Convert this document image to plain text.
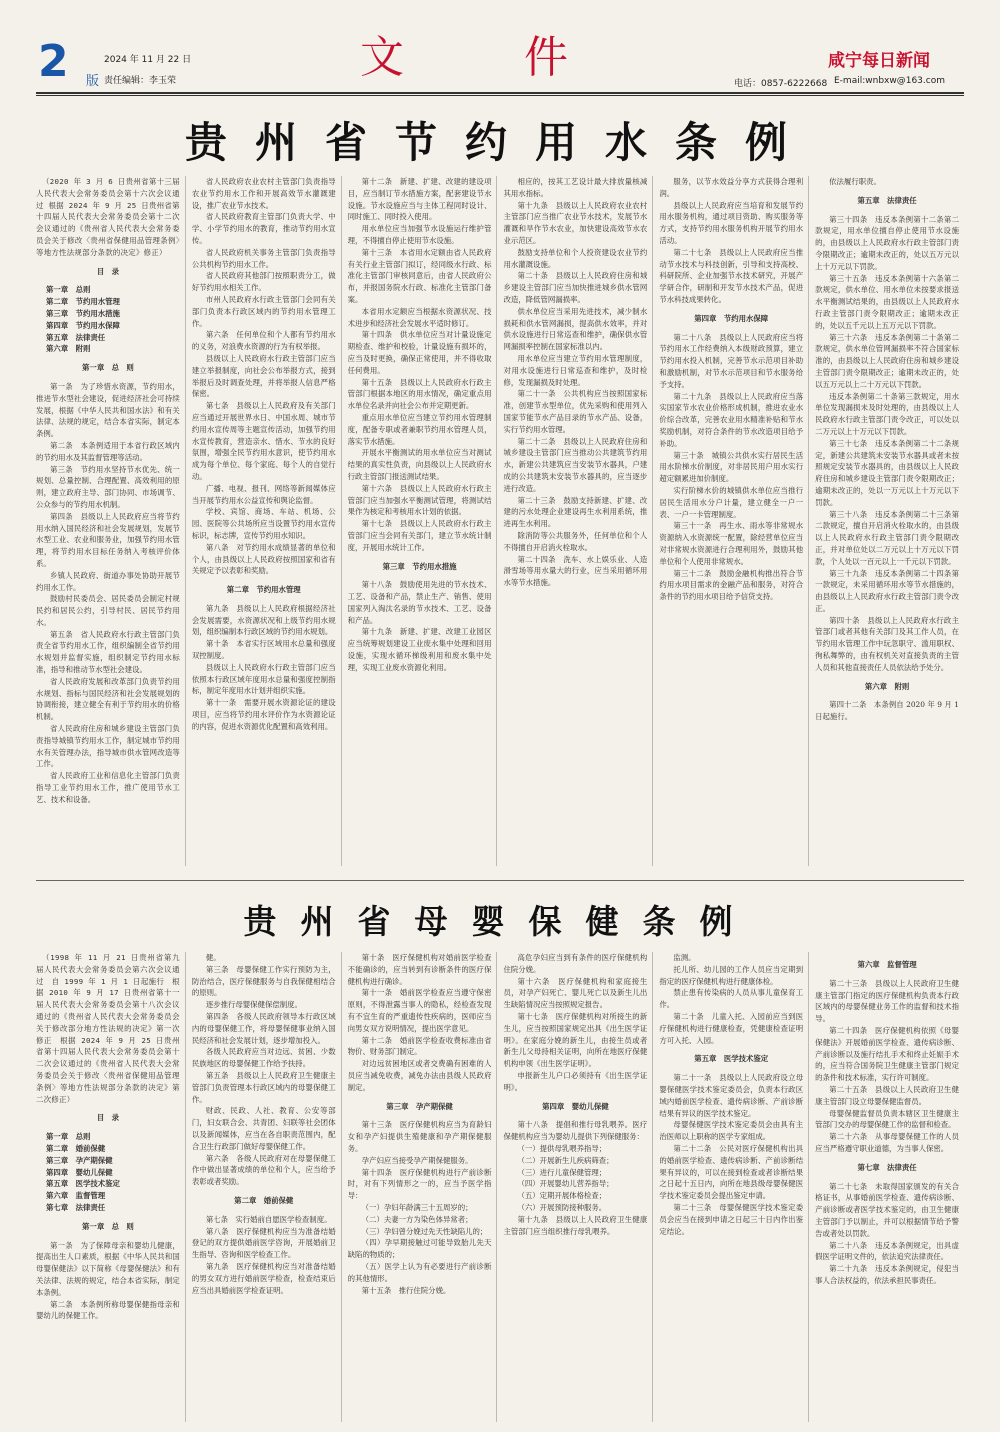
2 版
2024 年 11 月 22 日
责任编辑：李玉荣	文件	咸宁每日新闻
电话：0857-6222668 E-mail:wnbxw@163.com
贵州省节约用水条例

（2020 年 3 月 6 日贵州省第十三届人民代表大会常务委员会第十六次会议通过 根据 2024 年 9 月 25 日贵州省第十四届人民代表大会常务委员会第十二次会议通过的《贵州省人民代表大会常务委员会关于修改〈贵州省保健用品管理条例〉等地方性法规部分条款的决定》修正）

目　录

第一章　总则

第二章　节约用水管理

第三章　节约用水措施

第四章　节约用水保障

第五章　法律责任

第六章　附则

第一章　总　则

第一条　为了珍惜水资源，节约用水，推进节水型社会建设，促进经济社会可持续发展，根据《中华人民共和国水法》和有关法律、法规的规定，结合本省实际，制定本条例。

第二条　本条例适用于本省行政区域内的节约用水及其监督管理等活动。

第三条　节约用水坚持节水优先、统一规划、总量控制、合理配置、高效利用的原则，建立政府主导、部门协同、市场调节、公众参与的节约用水机制。

第四条　县级以上人民政府应当将节约用水纳入国民经济和社会发展规划，发展节水型工业、农业和服务业，加强节约用水管理，将节约用水目标任务纳入考核评价体系。

乡镇人民政府、街道办事处协助开展节约用水工作。

鼓励村民委员会、居民委员会制定村规民约和居民公约，引导村民、居民节约用水。

第五条　省人民政府水行政主管部门负责全省节约用水工作，组织编制全省节约用水规划并监督实施，组织制定节约用水标准，指导和推动节水型社会建设。

省人民政府发展和改革部门负责节约用水规划、指标与国民经济和社会发展规划的协调衔接，建立健全有利于节约用水的价格机制。

省人民政府住房和城乡建设主管部门负责指导城镇节约用水工作，制定城市节约用水有关管理办法，指导城市供水管网改造等工作。

省人民政府工业和信息化主管部门负责指导工业节约用水工作，推广使用节水工艺、技术和设备。

省人民政府农业农村主管部门负责指导农业节约用水工作和开展高效节水灌溉建设，推广农业节水技术。

省人民政府教育主管部门负责大学、中学、小学节约用水的教育，推动节约用水宣传。

省人民政府机关事务主管部门负责指导公共机构节约用水工作。

省人民政府其他部门按照职责分工，做好节约用水相关工作。

市州人民政府水行政主管部门会同有关部门负责本行政区域内的节约用水管理工作。

第六条　任何单位和个人都有节约用水的义务，对浪费水资源的行为有权举报。

县级以上人民政府水行政主管部门应当建立举报制度，向社会公布举报方式，接到举报后及时调查处理，并将举报人信息严格保密。

第七条　县级以上人民政府及有关部门应当通过开展世界水日、中国水周、城市节约用水宣传周等主题宣传活动，加强节约用水宣传教育，营造亲水、惜水、节水的良好氛围，增强全民节约用水意识，使节约用水成为每个单位、每个家庭、每个人的自觉行动。

广播、电视、报刊、网络等新闻媒体应当开展节约用水公益宣传和舆论监督。

学校、宾馆、商场、车站、机场、公园、医院等公共场所应当设置节约用水宣传标识，标志牌，宣传节约用水知识。

第八条　对节约用水成绩显著的单位和个人，由县级以上人民政府按照国家和省有关规定予以表彰和奖励。

第二章　节约用水管理

第九条　县级以上人民政府根据经济社会发展需要，水资源状况和上级节约用水规划，组织编制本行政区域的节约用水规划。

第十条　本省实行区域用水总量和强度双控制度。

县级以上人民政府水行政主管部门应当依照本行政区域年度用水总量和强度控制指标，制定年度用水计划并组织实施。

第十一条　需要开展水资源论证的建设项目，应当将节约用水评价作为水资源论证的内容，促进水资源优化配置和高效利用。

第十二条　新建、扩建、改建的建设项目，应当制订节水措施方案，配套建设节水设施。节水设施应当与主体工程同时设计、同时施工、同时投入使用。

用水单位应当加强节水设施运行维护管理，不得擅自停止使用节水设施。

第十三条　本省用水定额由省人民政府有关行业主管部门拟订，经同级水行政、标准化主管部门审核同意后，由省人民政府公布，并报国务院水行政、标准化主管部门备案。

本省用水定额应当根据水资源状况、技术进步和经济社会发展水平适时修订。

第十四条　供水单位应当对计量设施定期检查、维护和校验，计量设施有损坏的，应当及时更换，确保正常使用，并不得收取任何费用。

第十五条　县级以上人民政府水行政主管部门根据本地区的用水情况，确定重点用水单位名录并向社会公布并定期更新。

重点用水单位应当建立节约用水管理制度，配备专职或者兼职节约用水管理人员，落实节水措施。

开展水平衡测试的用水单位应当对测试结果的真实性负责，向县级以上人民政府水行政主管部门报送测试结果。

第十六条　县级以上人民政府水行政主管部门应当加强水平衡测试管理，将测试结果作为核定和考核用水计划的依据。

第十七条　县级以上人民政府水行政主管部门应当会同有关部门，建立节水统计制度，开展用水统计工作。

第三章　节约用水措施

第十八条　鼓励使用先进的节水技术、工艺、设备和产品，禁止生产、销售、使用国家列入淘汰名录的节水技术、工艺、设备和产品。

第十九条　新建、扩建、改建工业园区应当统筹规划建设工业废水集中处理和回用设施，实现水循环梯级利用和废水集中处理，实现工业废水资源化利用。

相应的，按其工艺设计最大排放量核减其用水指标。

第十九条　县级以上人民政府农业农村主管部门应当推广农业节水技术，发展节水灌溉和旱作节水农业，加快建设高效节水农业示范区。

鼓励支持单位和个人投资建设农业节约用水灌溉设施。

第二十条　县级以上人民政府住房和城乡建设主管部门应当加快推进城乡供水管网改造，降低管网漏损率。

供水单位应当采用先进技术，减少制水损耗和供水管网漏损，提高供水效率，并对供水设施进行日常巡查和维护，确保供水管网漏损率控制在国家标准以内。

用水单位应当建立节约用水管理制度，对用水设施进行日常巡查和维护，及时检修，发现漏损及时处理。

第二十一条　公共机构应当按照国家标准，创建节水型单位，优先采购和使用列入国家节能节水产品目录的节水产品、设备，实行节约用水管理。

第二十二条　县级以上人民政府住房和城乡建设主管部门应当推动公共建筑节约用水，新建公共建筑应当安装节水器具，户建成的公共建筑未安装节水器具的，应当逐步进行改造。

第二十三条　鼓励支持新建、扩建、改建的污水处理企业建设再生水利用系统，推进再生水利用。

除消防等公共服务外，任何单位和个人不得擅自开启消火栓取水。

第二十四条　洗车、水上娱乐业、人造滑雪场等用水量大的行业，应当采用循环用水等节水措施。

服务，以节水效益分享方式获得合理利润。

县级以上人民政府应当培育和发展节约用水服务机构，通过项目资助、购买服务等方式，支持节约用水服务机构开展节约用水活动。

第二十七条　县级以上人民政府应当推动节水技术与科技创新，引导和支持高校、科研院所、企业加强节水技术研究，开展产学研合作，研制和开发节水技术产品，促进节水科技成果转化。

第四章　节约用水保障

第二十八条　县级以上人民政府应当将节约用水工作经费纳入本级财政预算，建立节约用水投入机制，完善节水示范项目补助和激励机制，对节水示范项目和节水服务给予支持。

第二十九条　县级以上人民政府应当落实国家节水农业价格形成机制，推进农业水价综合改革，完善农业用水精准补贴和节水奖励机制，对符合条件的节水改造项目给予补助。

第三十条　城镇公共供水实行居民生活用水阶梯水价制度，对非居民用户用水实行超定额累进加价制度。

实行阶梯水价的城镇供水单位应当推行居民生活用水分户计量，建立健全一户一表、一户一卡管理制度。

第三十一条　再生水、雨水等非常规水资源纳入水资源统一配置，除经营单位应当对非常规水资源进行合理利用外，鼓励其他单位和个人使用非常规水。

第三十二条　鼓励金融机构推出符合节约用水项目需求的金融产品和服务，对符合条件的节约用水项目给予信贷支持。

依法履行职责。

第五章　法律责任

第三十四条　违反本条例第十二条第二款规定，用水单位擅自停止使用节水设施的，由县级以上人民政府水行政主管部门责令限期改正；逾期未改正的，处以五万元以上十万元以下罚款。

第三十五条　违反本条例第十六条第二款规定，供水单位、用水单位未按要求报送水平衡测试结果的，由县级以上人民政府水行政主管部门责令限期改正；逾期未改正的，处以五千元以上五万元以下罚款。

第三十六条　违反本条例第二十条第二款规定，供水单位管网漏损率不符合国家标准的，由县级以上人民政府住房和城乡建设主管部门责令限期改正；逾期未改正的，处以五万元以上二十万元以下罚款。

违反本条例第二十条第三款规定，用水单位发现漏损未及时处理的，由县级以上人民政府水行政主管部门责令改正，可以处以二万元以上十万元以下罚款。

第三十七条　违反本条例第二十二条规定，新建公共建筑未安装节水器具或者未按照规定安装节水器具的，由县级以上人民政府住房和城乡建设主管部门责令限期改正；逾期未改正的，处以一万元以上十万元以下罚款。

第三十八条　违反本条例第二十三条第二款规定，擅自开启消火栓取水的，由县级以上人民政府水行政主管部门责令限期改正，并对单位处以二万元以上十万元以下罚款，个人处以一百元以上一千元以下罚款。

第三十九条　违反本条例第二十四条第一款规定，未采用循环用水等节水措施的，由县级以上人民政府水行政主管部门责令改正。

第四十条　县级以上人民政府水行政主管部门或者其他有关部门及其工作人员，在节约用水管理工作中玩忽职守、滥用职权、徇私舞弊的，由有权机关对直接负责的主管人员和其他直接责任人员依法给予处分。

第六章　附则

第四十二条　本条例自 2020 年 9 月 1 日起施行。

贵州省母婴保健条例

（1998 年 11 月 21 日贵州省第九届人民代表大会常务委员会第六次会议通过　自 1999 年 1 月 1 日起施行　根据 2010 年 9 月 17 日贵州省第十一届人民代表大会常务委员会第十八次会议通过的《贵州省人民代表大会常务委员会关于修改部分地方性法规的决定》第一次修正　根据 2024 年 9 月 25 日贵州省第十四届人民代表大会常务委员会第十二次会议通过的《贵州省人民代表大会常务委员会关于修改〈贵州省保健用品管理条例〉等地方性法规部分条款的决定》第二次修正）

目　录

第一章　总则

第二章　婚前保健

第三章　孕产期保健

第四章　婴幼儿保健

第五章　医学技术鉴定

第六章　监督管理

第七章　法律责任

第一章　总　则

第一条　为了保障母亲和婴幼儿健康，提高出生人口素质，根据《中华人民共和国母婴保健法》以下简称《母婴保健法》和有关法律、法规的规定，结合本省实际，制定本条例。

第二条　本条例所称母婴保健指母亲和婴幼儿的保健工作。

健。

第三条　母婴保健工作实行预防为主，防治结合，医疗保健服务与自我保健相结合的原则。

逐步推行母婴保健保偿制度。

第四条　各级人民政府领导本行政区域内的母婴保健工作，将母婴保健事业纳入国民经济和社会发展计划，逐步增加投入。

各级人民政府应当对边远、贫困、少数民族地区的母婴保健工作给予扶持。

第五条　县级以上人民政府卫生健康主管部门负责管理本行政区域内的母婴保健工作。

财政、民政、人社、教育、公安等部门，妇女联合会、共青团、妇联等社会团体以及新闻媒体，应当在各自职责范围内，配合卫生行政部门做好母婴保健工作。

第六条　各级人民政府对在母婴保健工作中做出显著成绩的单位和个人，应当给予表彰或者奖励。

第二章　婚前保健

第七条　实行婚前自愿医学检查制度。

第八条　医疗保健机构应当为准备结婚登记的双方提供婚前医学咨询，开展婚前卫生指导、咨询和医学检查工作。

第九条　医疗保健机构应当对准备结婚的男女双方进行婚前医学检查，检查结束后应当出具婚前医学检查证明。

第十条　医疗保健机构对婚前医学检查不能确诊的，应当转到有诊断条件的医疗保健机构进行确诊。

第十一条　婚前医学检查应当遵守保密原则，不得泄露当事人的隐私，经检查发现有不宜生育的严重遗传性疾病的，医师应当向男女双方说明情况，提出医学意见。

第十二条　婚前医学检查收费标准由省物价、财务部门制定。

对边远贫困地区或者交费确有困难的人员应当减免收费，减免办法由县级人民政府制定。

第三章　孕产期保健

第十三条　医疗保健机构应当为育龄妇女和孕产妇提供生殖健康和孕产期保健服务。

孕产妇应当接受孕产期保健服务。

第十四条　医疗保健机构进行产前诊断时，对有下列情形之一的，应当予医学指导：

（一）孕妇年龄满三十五周岁的；

（二）夫妻一方为染色体异常者；

（三）孕妇曾分娩过先天性缺陷儿的；

（四）孕早期接触过可能导致胎儿先天缺陷的物质的；

（五）医学上认为有必要进行产前诊断的其他情形。

第十五条　推行住院分娩。

高危孕妇应当到有条件的医疗保健机构住院分娩。

第十六条　医疗保健机构和家庭接生员，对孕产妇死亡、婴儿死亡以及新生儿出生缺陷情况应当按照规定报告。

第十七条　医疗保健机构对所接生的新生儿，应当按照国家规定出具《出生医学证明》。在家庭分娩的新生儿，由接生员或者新生儿父母持相关证明，向所在地医疗保健机构申领《出生医学证明》。

申报新生儿户口必须持有《出生医学证明》。

第四章　婴幼儿保健

第十八条　提倡和推行母乳喂养。医疗保健机构应当为婴幼儿提供下列保健服务：

（一）提供母乳喂养指导；

（二）开展新生儿疾病筛查；

（三）进行儿童保健管理；

（四）开展婴幼儿营养指导；

（五）定期开展体格检查；

（六）开展预防接种服务。

第十九条　县级以上人民政府卫生健康主管部门应当组织推行母乳喂养。

监测。

托儿所、幼儿园的工作人员应当定期到指定的医疗保健机构进行健康体检。

禁止患有传染病的人员从事儿童保育工作。

第二十条　儿童入托、入园前应当到医疗保健机构进行健康检查，凭健康检查证明方可入托、入园。

第五章　医学技术鉴定

第二十一条　县级以上人民政府设立母婴保健医学技术鉴定委员会，负责本行政区域内婚前医学检查、遗传病诊断、产前诊断结果有异议的医学技术鉴定。

母婴保健医学技术鉴定委员会由具有主治医师以上职称的医学专家组成。

第二十二条　公民对医疗保健机构出具的婚前医学检查、遗传病诊断、产前诊断结果有异议的，可以在接到检查或者诊断结果之日起十五日内，向所在地县级母婴保健医学技术鉴定委员会提出鉴定申请。

第二十三条　母婴保健医学技术鉴定委员会应当在接到申请之日起三十日内作出鉴定结论。

第六章　监督管理

第二十三条　县级以上人民政府卫生健康主管部门指定的医疗保健机构负责本行政区域内的母婴保健业务工作的监督和技术指导。

第二十四条　医疗保健机构依照《母婴保健法》开展婚前医学检查、遗传病诊断、产前诊断以及施行结扎手术和终止妊娠手术的，应当符合国务院卫生健康主管部门规定的条件和技术标准，实行许可制度。

第二十五条　县级以上人民政府卫生健康主管部门设立母婴保健监督员。

母婴保健监督员负责本辖区卫生健康主管部门交办的母婴保健工作的监督和检查。

第二十六条　从事母婴保健工作的人员应当严格遵守职业道德，为当事人保密。

第七章　法律责任

第二十七条　未取得国家颁发的有关合格证书，从事婚前医学检查、遗传病诊断、产前诊断或者医学技术鉴定的，由卫生健康主管部门予以制止，并可以根据情节给予警告或者处以罚款。

第二十八条　违反本条例规定，出具虚假医学证明文件的，依法追究法律责任。

第二十九条　违反本条例规定，侵犯当事人合法权益的，依法承担民事责任。
